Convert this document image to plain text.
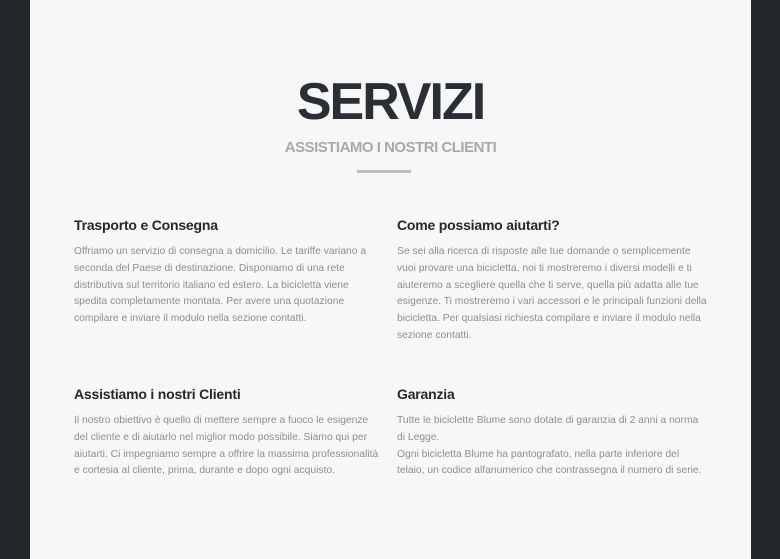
SERVIZI
ASSISTIAMO I NOSTRI CLIENTI
Trasporto e Consegna

Offriamo un servizio di consegna a domicilio. Le tariffe variano a seconda del Paese di destinazione. Disponiamo di una rete distributiva sul territorio italiano ed estero. La bicicletta viene spedita completamente montata. Per avere una quotazione compilare e inviare il modulo nella sezione contatti.

Come possiamo aiutarti?

Se sei alla ricerca di risposte alle tue domande o semplicemente vuoi provare una bicicletta, noi ti mostreremo i diversi modelli e ti aiuteremo a scegliere quella che ti serve, quella più adatta alle tue esigenze. Ti mostreremo i vari accessori e le principali funzioni della bicicletta. Per qualsiasi richiesta compilare e inviare il modulo nella sezione contatti.

Assistiamo i nostri Clienti

Il nostro obiettivo è quello di mettere sempre a fuoco le esigenze del cliente e di aiutarlo nel miglior modo possibile. Siamo qui per aiutarti. Ci impegniamo sempre a offrire la massima professionalità e cortesia al cliente, prima, durante e dopo ogni acquisto.

Garanzia

Tutte le biciclette Blume sono dotate di garanzia di 2 anni a norma di Legge.

Ogni bicicletta Blume ha pantografato, nella parte inferiore del telaio, un codice alfanumerico che contrassegna il numero di serie.
